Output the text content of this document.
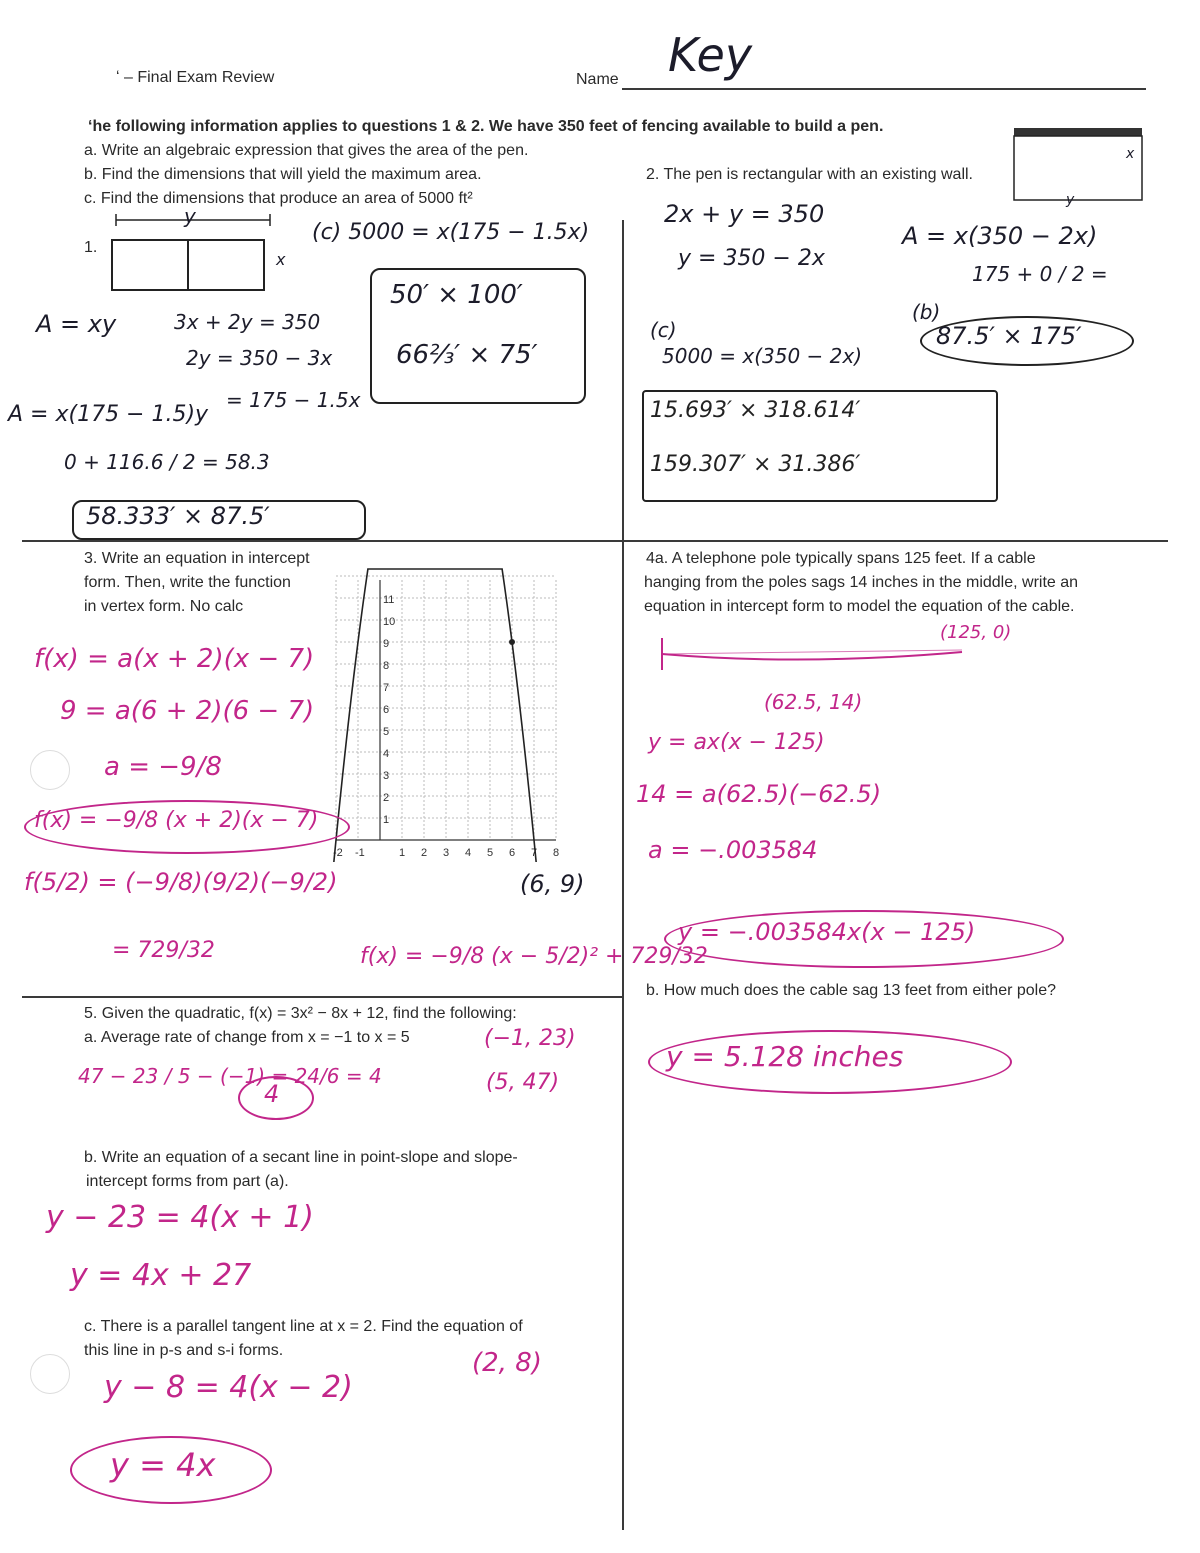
ʻ – Final Exam Review	Name Key
ʻhe following information applies to questions 1 & 2. We have 350 feet of fencing available to build a pen.
a. Write an algebraic expression that gives the area of the pen.
b. Find the dimensions that will yield the maximum area.
c. Find the dimensions that produce an area of 5000 ft²
1.
y
x
(c) 5000 = x(175 − 1.5x)
A = xy	3x + 2y = 350
2y = 350 − 3x
= 175 − 1.5x
A = x(175 − 1.5)y
0 + 116.6 / 2 = 58.3
58.333′ × 87.5′
50′ × 100′
66⅔′ × 75′
2. The pen is rectangular with an existing wall.
x
y
2x + y = 350
y = 350 − 2x
A = x(350 − 2x)
175 + 0 / 2 =
(b)
87.5′ × 175′
(c)
5000 = x(350 − 2x)
15.693′ × 318.614′
159.307′ × 31.386′
3. Write an equation in intercept
form. Then, write the function
in vertex form. No calc	11
10
9
8
7
6
5
4
3
2
1
-2 -1	1 2 3 4 5 6 7 8
f(x) = a(x + 2)(x − 7)
9 = a(6 + 2)(6 − 7)
a = −9/8
f(x) = −9/8 (x + 2)(x − 7)
f(5/2) = (−9/8)(9/2)(−9/2)
= 729/32
(6, 9)
f(x) = −9/8 (x − 5/2)² + 729/32
4a. A telephone pole typically spans 125 feet. If a cable
hanging from the poles sags 14 inches in the middle, write an
equation in intercept form to model the equation of the cable.
(125, 0)
(62.5, 14)
y = ax(x − 125)
14 = a(62.5)(−62.5)
a = −.003584
y = −.003584x(x − 125)
b. How much does the cable sag 13 feet from either pole?
y = 5.128 inches
5. Given the quadratic, f(x) = 3x² − 8x + 12, find the following:
a. Average rate of change from x = −1 to x = 5	(−1, 23)
(5, 47)
47 − 23 / 5 − (−1) = 24/6 = 4
4
b. Write an equation of a secant line in point-slope and slope-
intercept forms from part (a).
y − 23 = 4(x + 1)
y = 4x + 27
c. There is a parallel tangent line at x = 2. Find the equation of
this line in p-s and s-i forms.	(2, 8)
y − 8 = 4(x − 2)
y = 4x
